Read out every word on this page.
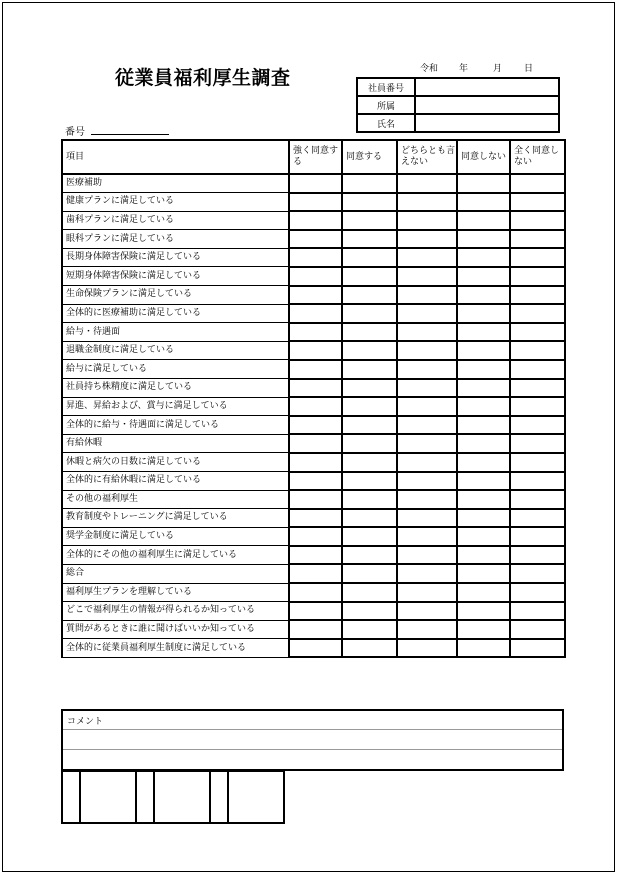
従業員福利厚生調査	令和 年	月 日
番号
社員番号	
所属	
氏名	
項目	強く同意する	同意する	どちらとも言えない	同意しない	全く同意しない
医療補助					
健康プランに満足している					
歯科プランに満足している					
眼科プランに満足している					
長期身体障害保険に満足している					
短期身体障害保険に満足している					
生命保険プランに満足している					
全体的に医療補助に満足している					
給与・待遇面					
退職金制度に満足している					
給与に満足している					
社員持ち株精度に満足している					
昇進、昇給および、賞与に満足している					
全体的に給与・待遇面に満足している					
有給休暇					
休暇と病欠の日数に満足している					
全体的に有給休暇に満足している					
その他の福利厚生					
教育制度やトレーニングに満足している					
奨学金制度に満足している					
全体的にその他の福利厚生に満足している					
総合					
福利厚生プランを理解している					
どこで福利厚生の情報が得られるか知っている					
質問があるときに誰に聞けばいいか知っている					
全体的に従業員福利厚生制度に満足している					
コメント
